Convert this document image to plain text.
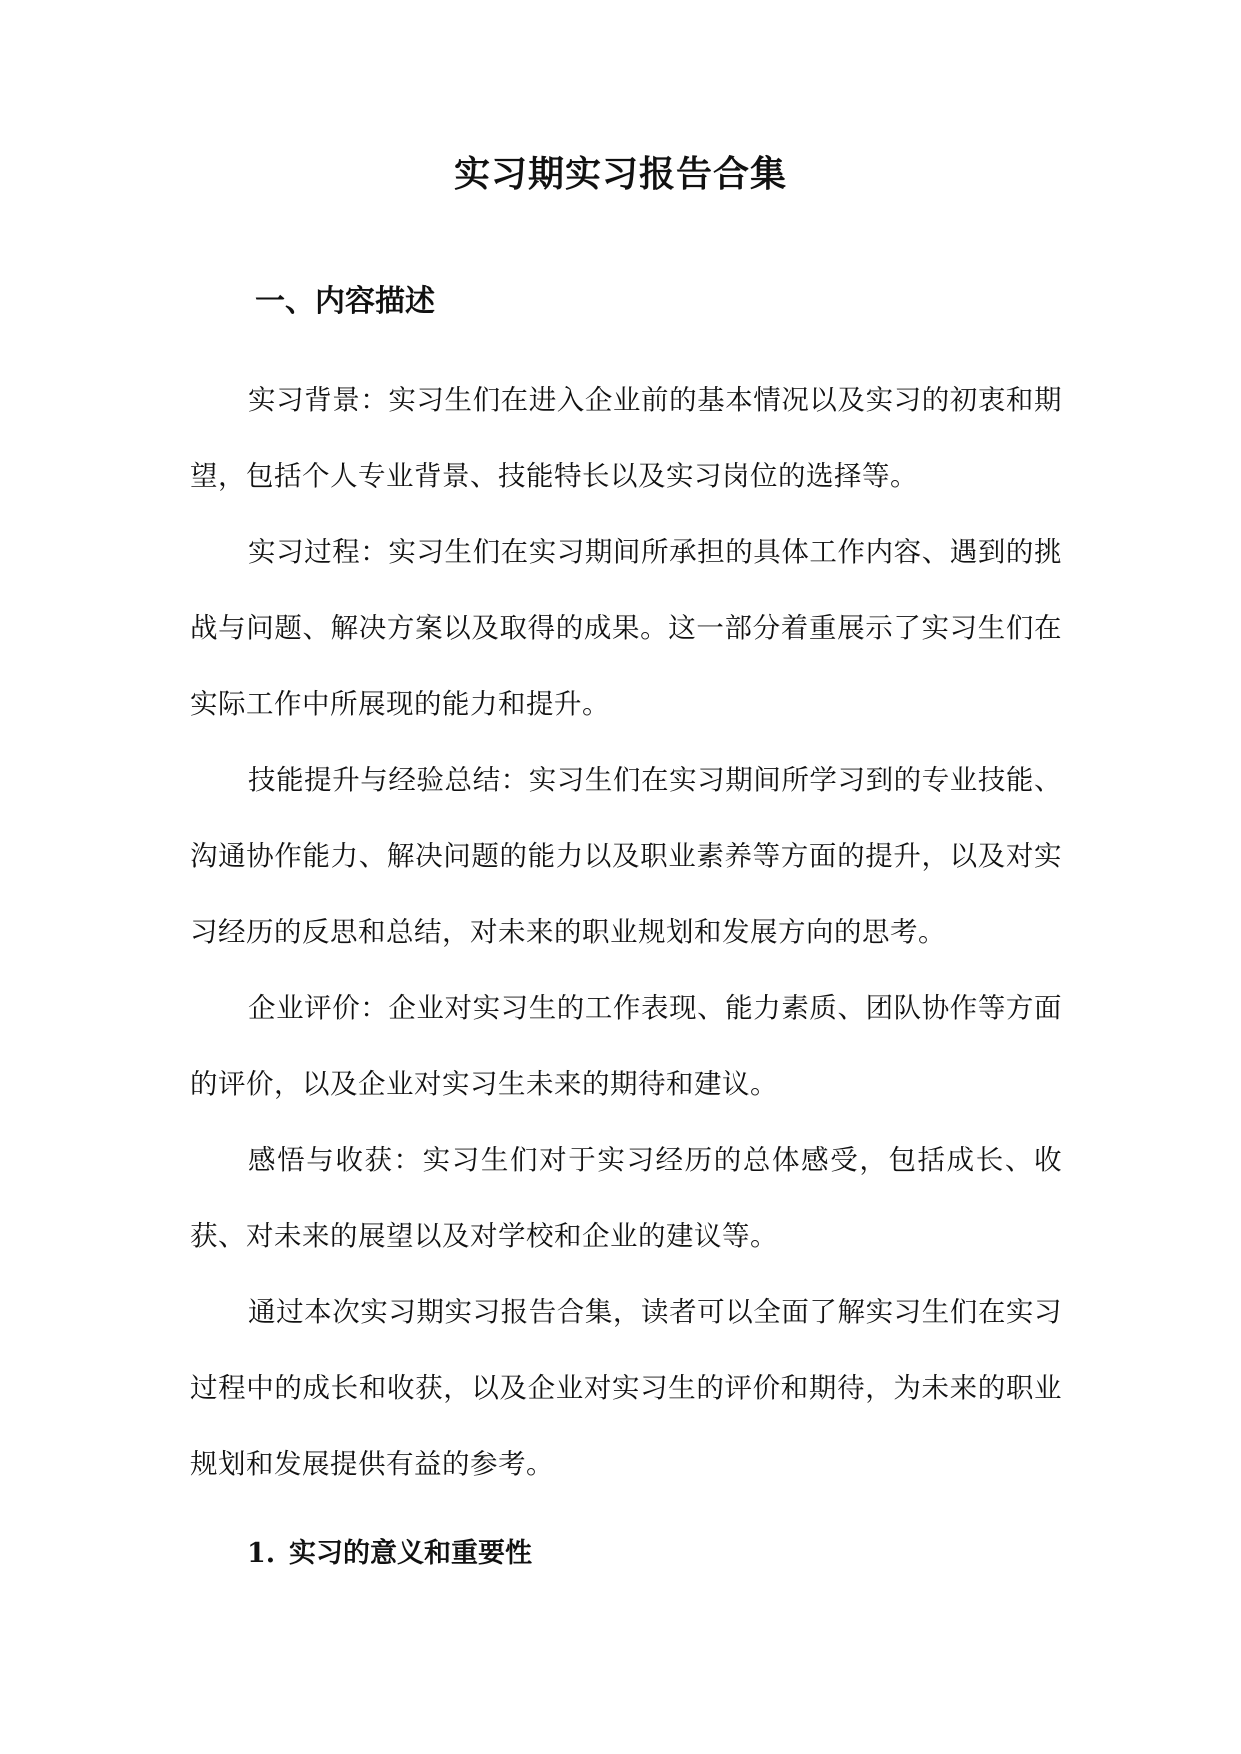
实习期实习报告合集
一、内容描述

实习背景：实习生们在进入企业前的基本情况以及实习的初衷和期望，包括个人专业背景、技能特长以及实习岗位的选择等。

实习过程：实习生们在实习期间所承担的具体工作内容、遇到的挑战与问题、解决方案以及取得的成果。这一部分着重展示了实习生们在实际工作中所展现的能力和提升。

技能提升与经验总结：实习生们在实习期间所学习到的专业技能、沟通协作能力、解决问题的能力以及职业素养等方面的提升，以及对实习经历的反思和总结，对未来的职业规划和发展方向的思考。

企业评价：企业对实习生的工作表现、能力素质、团队协作等方面的评价，以及企业对实习生未来的期待和建议。

感悟与收获：实习生们对于实习经历的总体感受，包括成长、收获、对未来的展望以及对学校和企业的建议等。

通过本次实习期实习报告合集，读者可以全面了解实习生们在实习过程中的成长和收获，以及企业对实习生的评价和期待，为未来的职业规划和发展提供有益的参考。

1. 实习的意义和重要性
